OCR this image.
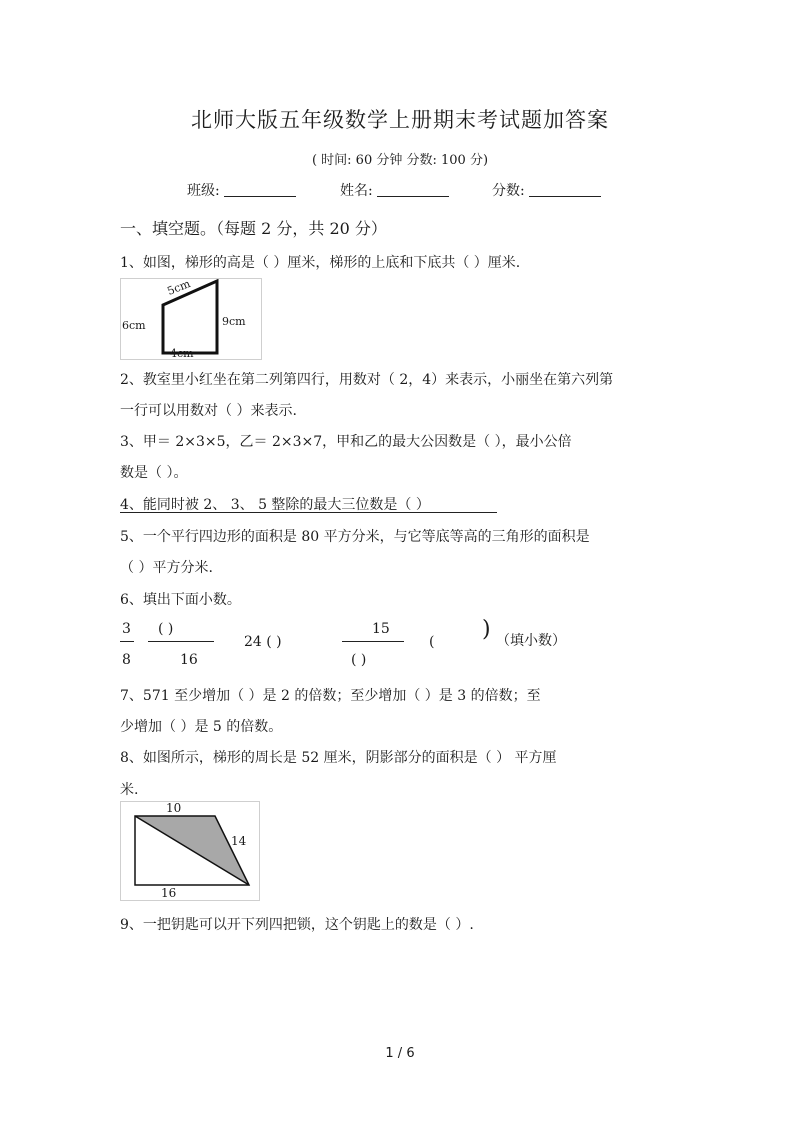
北师大版五年级数学上册期末考试题加答案
( 时间: 60 分钟 分数: 100 分)
班级:	姓名:	分数:
一、填空题。（每题 2 分，共 20 分）
1、如图，梯形的高是（ ）厘米，梯形的上底和下底共（ ）厘米.
5cm
6cm	9cm
4cm
2、教室里小红坐在第二列第四行，用数对（ 2，4）来表示，小丽坐在第六列第
一行可以用数对（ ）来表示.
3、甲＝ 2×3×5，乙＝ 2×3×7，甲和乙的最大公因数是（ ），最小公倍
数是（ ）。
4、能同时被 2、 3、 5 整除的最大三位数是（ ）
5、一个平行四边形的面积是 80 平方分米，与它等底等高的三角形的面积是
（ ）平方分米.
6、填出下面小数。
3
8
( )
16
24 ( )
15
( )
( ) （填小数）
7、571 至少增加（ ）是 2 的倍数；至少增加（ ）是 3 的倍数；至
少增加（ ）是 5 的倍数。
8、如图所示，梯形的周长是 52 厘米，阴影部分的面积是（ ） 平方厘
米.
10
14
16
9、一把钥匙可以开下列四把锁，这个钥匙上的数是（ ）.
1 / 6
